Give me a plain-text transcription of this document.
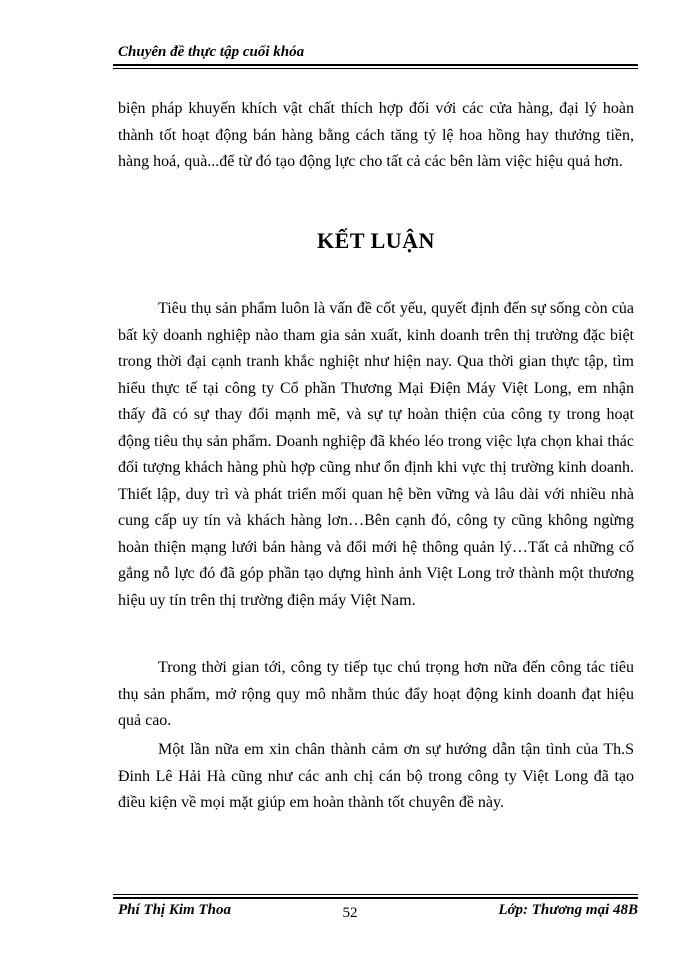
Chuyên đề thực tập cuối khóa

biện pháp khuyến khích vật chất thích hợp đối với các cửa hàng, đại lý hoàn thành tốt hoạt động bán hàng bằng cách tăng tỷ lệ hoa hồng hay thưởng tiền, hàng hoá, quà...để từ đó tạo động lực cho tất cả các bên làm việc hiệu quả hơn.

KẾT LUẬN

Tiêu thụ sản phẩm luôn là vấn đề cốt yếu, quyết định đến sự sống còn của bất kỳ doanh nghiệp nào tham gia sản xuất, kinh doanh trên thị trường đặc biệt trong thời đại cạnh tranh khắc nghiệt như hiện nay. Qua thời gian thực tập, tìm hiểu thực tế tại công ty Cổ phần Thương Mại Điện Máy Việt Long, em nhận thấy đã có sự thay đổi mạnh mẽ, và sự tự hoàn thiện của công ty trong hoạt động tiêu thụ sản phẩm. Doanh nghiệp đã khéo léo trong việc lựa chọn khai thác đối tượng khách hàng phù hợp cũng như ổn định khi vực thị trường kinh doanh. Thiết lập, duy trì và phát triển mối quan hệ bền vững và lâu dài với nhiều nhà cung cấp uy tín và khách hàng lơn…Bên cạnh đó, công ty cũng không ngừng hoàn thiện mạng lưới bán hàng và đổi mới hệ thông quản lý…Tất cả những cố gắng nỗ lực đó đã góp phần tạo dựng hình ảnh Việt Long trở thành một thương hiệu uy tín trên thị trường điện máy Việt Nam.

Trong thời gian tới, công ty tiếp tục chú trọng hơn nữa đến công tác tiêu thụ sản phẩm, mở rộng quy mô nhằm thúc đẩy hoạt động kinh doanh đạt hiệu quả cao.

Một lần nữa em xin chân thành cảm ơn sự hướng dẫn tận tình của Th.S Đinh Lê Hải Hà cũng như các anh chị cán bộ trong công ty Việt Long đã tạo điều kiện về mọi mặt giúp em hoàn thành tốt chuyên đề này.

Phí Thị Kim Thoa	52	Lớp: Thương mại 48B
